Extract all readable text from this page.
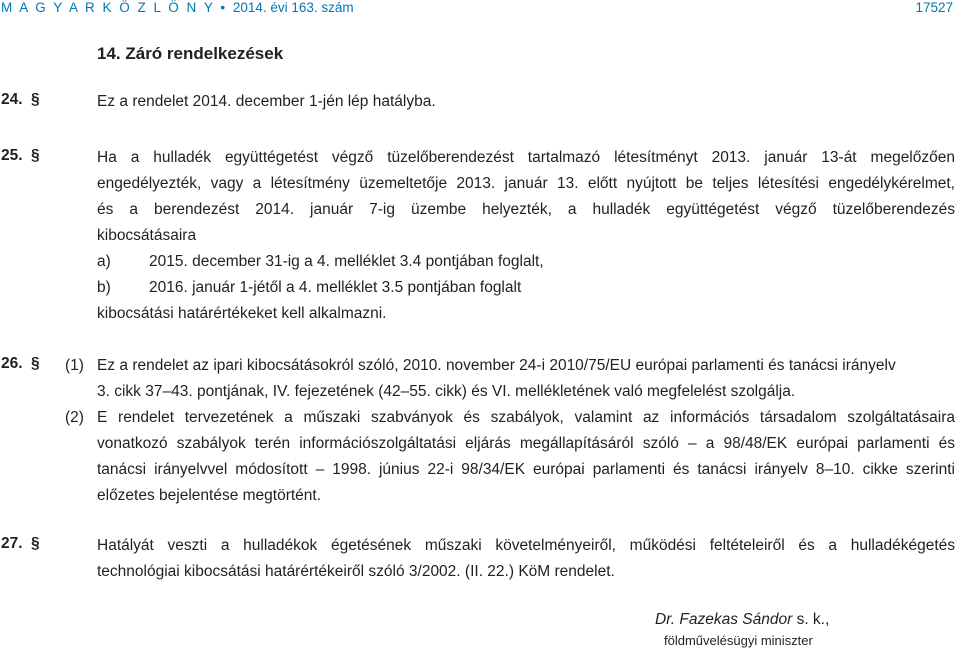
M A G Y A R K Ö Z L Ö N Y • 2014. évi 163. szám	17527
14. Záró rendelkezések
24. §	Ez a rendelet 2014. december 1-jén lép hatályba.
25. §	Ha a hulladék együttégetést végző tüzelőberendezést tartalmazó létesítményt 2013. január 13-át megelőzően
engedélyezték, vagy a létesítmény üzemeltetője 2013. január 13. előtt nyújtott be teljes létesítési engedélykérelmet,
és a berendezést 2014. január 7-ig üzembe helyezték, a hulladék együttégetést végző tüzelőberendezés
kibocsátásaira
a) 2015. december 31-ig a 4. melléklet 3.4 pontjában foglalt,
b) 2016. január 1-jétől a 4. melléklet 3.5 pontjában foglalt
kibocsátási határértékeket kell alkalmazni.
26. § (1) Ez a rendelet az ipari kibocsátásokról szóló, 2010. november 24-i 2010/75/EU európai parlamenti és tanácsi irányelv
3. cikk 37–43. pontjának, IV. fejezetének (42–55. cikk) és VI. mellékletének való megfelelést szolgálja.
(2) E rendelet tervezetének a műszaki szabványok és szabályok, valamint az információs társadalom szolgáltatásaira
vonatkozó szabályok terén információszolgáltatási eljárás megállapításáról szóló – a 98/48/EK európai parlamenti és
tanácsi irányelvvel módosított – 1998. június 22-i 98/34/EK európai parlamenti és tanácsi irányelv 8–10. cikke szerinti
előzetes bejelentése megtörtént.
27. §	Hatályát veszti a hulladékok égetésének műszaki követelményeiről, működési feltételeiről és a hulladékégetés
technológiai kibocsátási határértékeiről szóló 3/2002. (II. 22.) KöM rendelet.
Dr. Fazekas Sándor s. k.,
földművelésügyi miniszter
